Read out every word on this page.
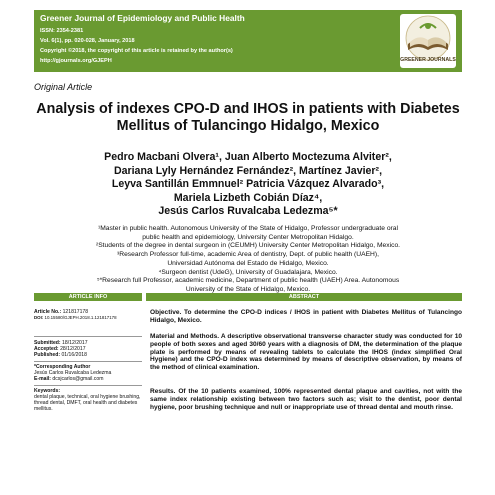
Greener Journal of Epidemiology and Public Health
ISSN: 2354-2381
Vol. 6(1), pp. 020-028, January, 2018
Copyright ©2018, the copyright of this article is retained by the author(s)
http://gjournals.org/GJEPH	GREENER JOURNALS
Original Article
Analysis of indexes CPO-D and IHOS in patients with Diabetes Mellitus of Tulancingo Hidalgo, Mexico
Pedro Macbani Olvera¹, Juan Alberto Moctezuma Alviter²,
Dariana Lyly Hernández Fernández², Martínez Javier²,
Leyva Santillán Emmnuel² Patricia Vázquez Alvarado³,
Mariela Lizbeth Cobián Díaz⁴,
Jesús Carlos Ruvalcaba Ledezma⁵*
¹Master in public health. Autonomous University of the State of Hidalgo, Professor undergraduate oral
public health and epidemiology, University Center Metropolitan Hidalgo.
²Students of the degree in dental surgeon in (CEUMH) University Center Metropolitan Hidalgo, Mexico.
³Research Professor full-time, academic Area of dentistry, Dept. of public health (UAEH),
Universidad Autónoma del Estado de Hidalgo, Mexico.
⁴Surgeon dentist (UdeG), University of Guadalajara, Mexico.
⁵*Research full Professor, academic medicine, Department of public health (UAEH) Area. Autonomous
University of the State of Hidalgo, Mexico.
ARTICLE INFO	ABSTRACT
Article No.: 121817178
DOI: 10.15580/GJEPH.2018.1.121817178
Submitted: 18/12/2017
Accepted: 28/12/2017
Published: 01/16/2018
*Corresponding Author
Jesús Carlos Ruvalcaba Ledezma
E-mail: dcsjcarlos@gmail.com
Keywords:
dental plaque, technical, oral hygiene brushing, thread dental, DMFT, oral health and diabetes mellitus.
Objective. To determine the CPO-D indices / IHOS in patient with Diabetes Mellitus of Tulancingo Hidalgo, Mexico.
Material and Methods. A descriptive observational transverse character study was conducted for 10 people of both sexes and aged 30/60 years with a diagnosis of DM, the determination of the plaque plate is performed by means of revealing tablets to calculate the IHOS (index simplified Oral Hygiene) and the CPO-D index was determined by means of descriptive observation, by means of the method of clinical examination.
Results. Of the 10 patients examined, 100% represented dental plaque and cavities, not with the same index relationship existing between two factors such as; visit to the dentist, poor dental hygiene, poor brushing technique and null or inappropriate use of thread dental and mouth rinse.
